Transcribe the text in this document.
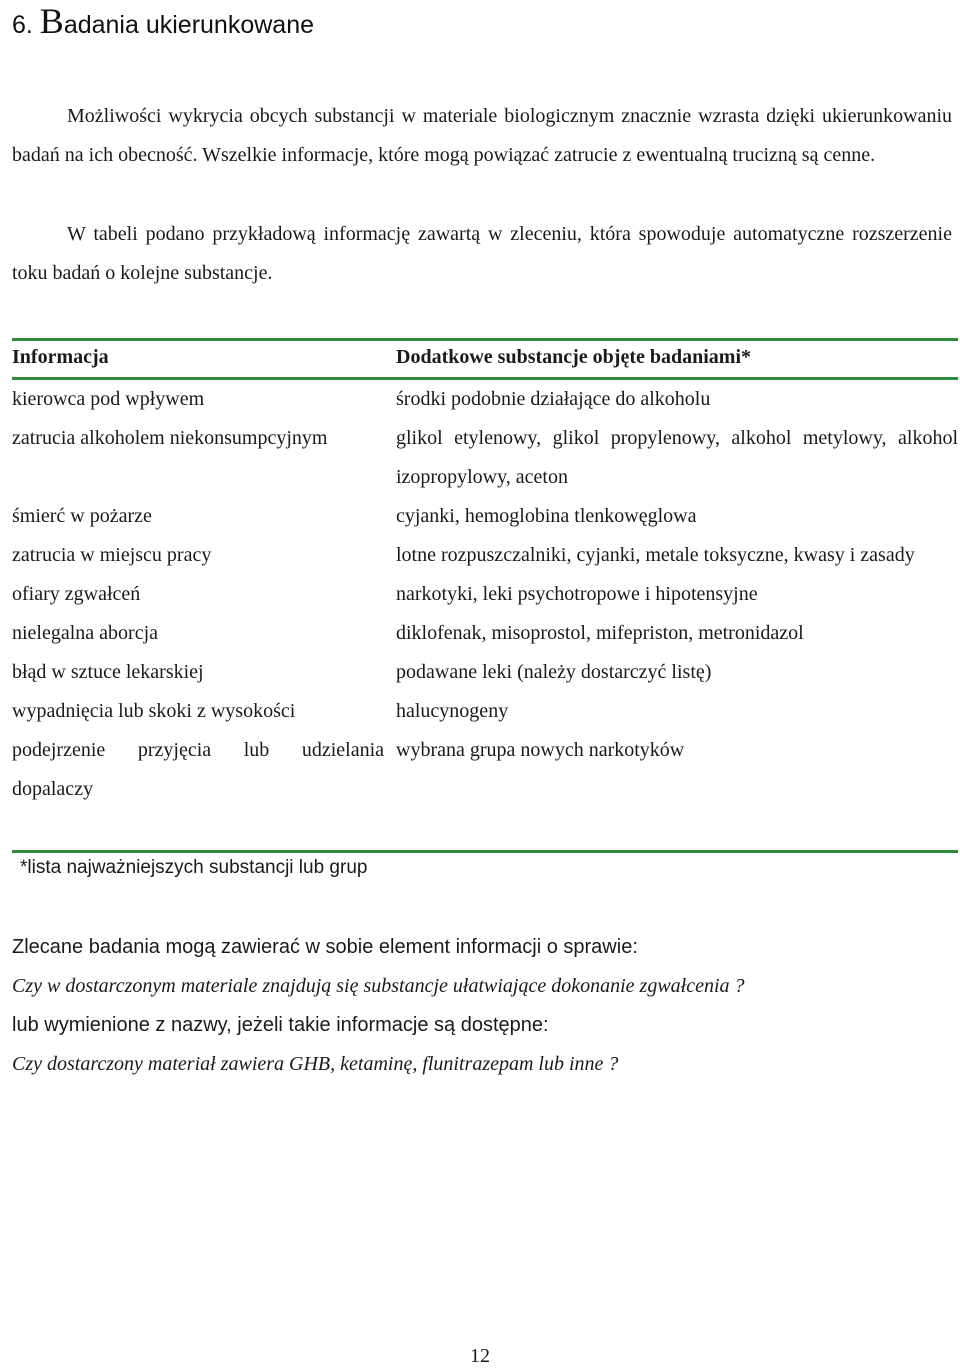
6. Badania ukierunkowane

Możliwości wykrycia obcych substancji w materiale biologicznym znacznie wzrasta dzięki ukierunkowaniu badań na ich obecność. Wszelkie informacje, które mogą powiązać zatrucie z ewentualną trucizną są cenne.

W tabeli podano przykładową informację zawartą w zleceniu, która spowoduje automatyczne rozszerzenie toku badań o kolejne substancje.

Informacja	Dodatkowe substancje objęte badaniami*
kierowca pod wpływem	środki podobnie działające do alkoholu
zatrucia alkoholem niekonsumpcyjnym	glikol etylenowy, glikol propylenowy, alkohol metylowy, alkohol izopropylowy, aceton
śmierć w pożarze	cyjanki, hemoglobina tlenkowęglowa
zatrucia w miejscu pracy	lotne rozpuszczalniki, cyjanki, metale toksyczne, kwasy i zasady
ofiary zgwałceń	narkotyki, leki psychotropowe i hipotensyjne
nielegalna aborcja	diklofenak, misoprostol, mifepriston, metronidazol
błąd w sztuce lekarskiej	podawane leki (należy dostarczyć listę)
wypadnięcia lub skoki z wysokości	halucynogeny
podejrzenie przyjęcia lub udzielania dopalaczy	wybrana grupa nowych narkotyków

*lista najważniejszych substancji lub grup

Zlecane badania mogą zawierać w sobie element informacji o sprawie:

Czy w dostarczonym materiale znajdują się substancje ułatwiające dokonanie zgwałcenia ?

lub wymienione z nazwy, jeżeli takie informacje są dostępne:

Czy dostarczony materiał zawiera GHB, ketaminę, flunitrazepam lub inne ?

12
